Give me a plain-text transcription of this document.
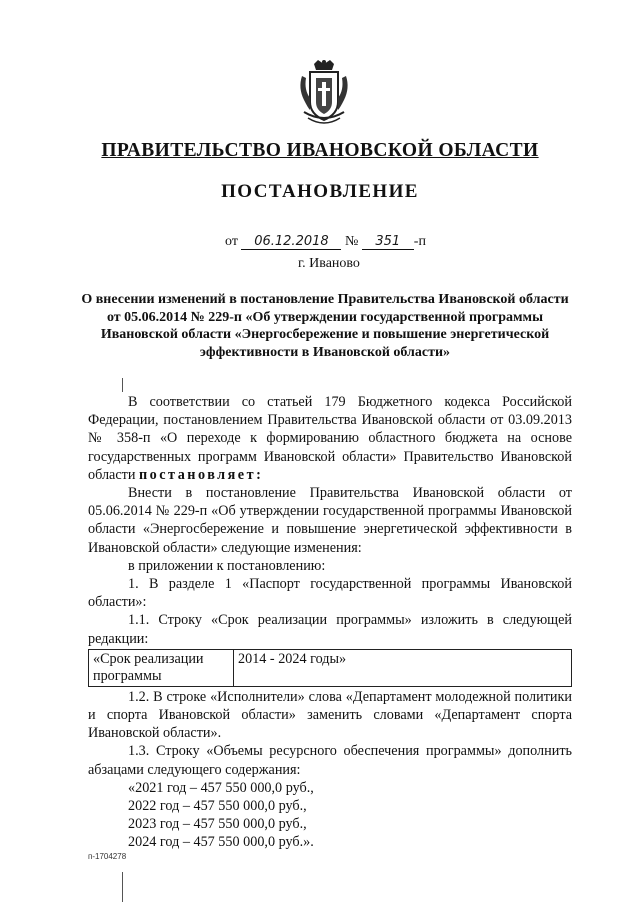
ПРАВИТЕЛЬСТВО ИВАНОВСКОЙ ОБЛАСТИ
ПОСТАНОВЛЕНИЕ
от 06.12.2018 № 351 -п
г. Иваново
О внесении изменений в постановление Правительства Ивановской области от 05.06.2014 № 229-п «Об утверждении государственной программы Ивановской области «Энергосбережение и повышение энергетической эффективности в Ивановской области»

В соответствии со статьей 179 Бюджетного кодекса Российской Федерации, постановлением Правительства Ивановской области от 03.09.2013 № 358-п «О переходе к формированию областного бюджета на основе государственных программ Ивановской области» Правительство Ивановской области постановляет:

Внести в постановление Правительства Ивановской области от 05.06.2014 № 229-п «Об утверждении государственной программы Ивановской области «Энергосбережение и повышение энергетической эффективности в Ивановской области» следующие изменения:

в приложении к постановлению:

1. В разделе 1 «Паспорт государственной программы Ивановской области»:

1.1. Строку «Срок реализации программы» изложить в следующей редакции:

«Срок реализации программы	2014 - 2024 годы»

1.2. В строке «Исполнители» слова «Департамент молодежной политики и спорта Ивановской области» заменить словами «Департамент спорта Ивановской области».

1.3. Строку «Объемы ресурсного обеспечения программы» дополнить абзацами следующего содержания:

«2021 год – 457 550 000,0 руб.,
2022 год – 457 550 000,0 руб.,
2023 год – 457 550 000,0 руб.,
2024 год – 457 550 000,0 руб.».
п-1704278
